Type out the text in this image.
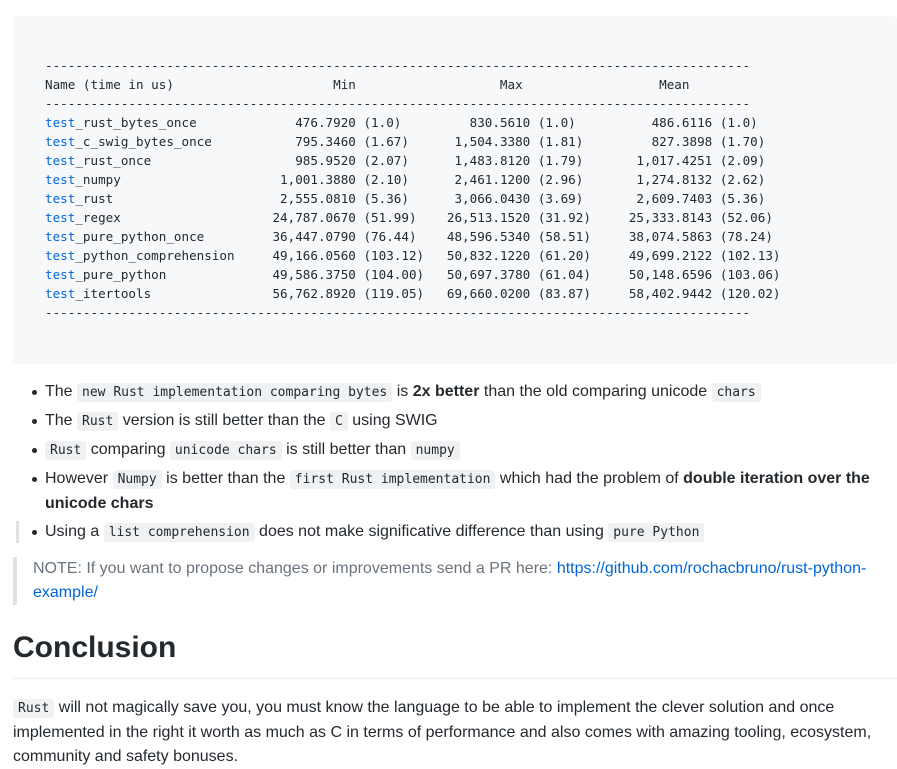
---------------------------------------------------------------------------------------------
Name (time in us)                     Min                   Max                  Mean
---------------------------------------------------------------------------------------------
test_rust_bytes_once             476.7920 (1.0)         830.5610 (1.0)          486.6116 (1.0)
test_c_swig_bytes_once           795.3460 (1.67)      1,504.3380 (1.81)         827.3898 (1.70)
test_rust_once                   985.9520 (2.07)      1,483.8120 (1.79)       1,017.4251 (2.09)
test_numpy                     1,001.3880 (2.10)      2,461.1200 (2.96)       1,274.8132 (2.62)
test_rust                      2,555.0810 (5.36)      3,066.0430 (3.69)       2,609.7403 (5.36)
test_regex                    24,787.0670 (51.99)    26,513.1520 (31.92)     25,333.8143 (52.06)
test_pure_python_once         36,447.0790 (76.44)    48,596.5340 (58.51)     38,074.5863 (78.24)
test_python_comprehension     49,166.0560 (103.12)   50,832.1220 (61.20)     49,699.2122 (102.13)
test_pure_python              49,586.3750 (104.00)   50,697.3780 (61.04)     50,148.6596 (103.06)
test_itertools                56,762.8920 (119.05)   69,660.0200 (83.87)     58,402.9442 (120.02)
---------------------------------------------------------------------------------------------
The new Rust implementation comparing bytes is 2x better than the old comparing unicode chars
The Rust version is still better than the C using SWIG
Rust comparing unicode chars is still better than numpy
However Numpy is better than the first Rust implementation which had the problem of double iteration over the unicode chars
Using a list comprehension does not make significative difference than using pure Python
NOTE: If you want to propose changes or improvements send a PR here: https://github.com/rochacbruno/rust-python-example/
Conclusion

Rust will not magically save you, you must know the language to be able to implement the clever solution and once implemented in the right it worth as much as C in terms of performance and also comes with amazing tooling, ecosystem, community and safety bonuses.
